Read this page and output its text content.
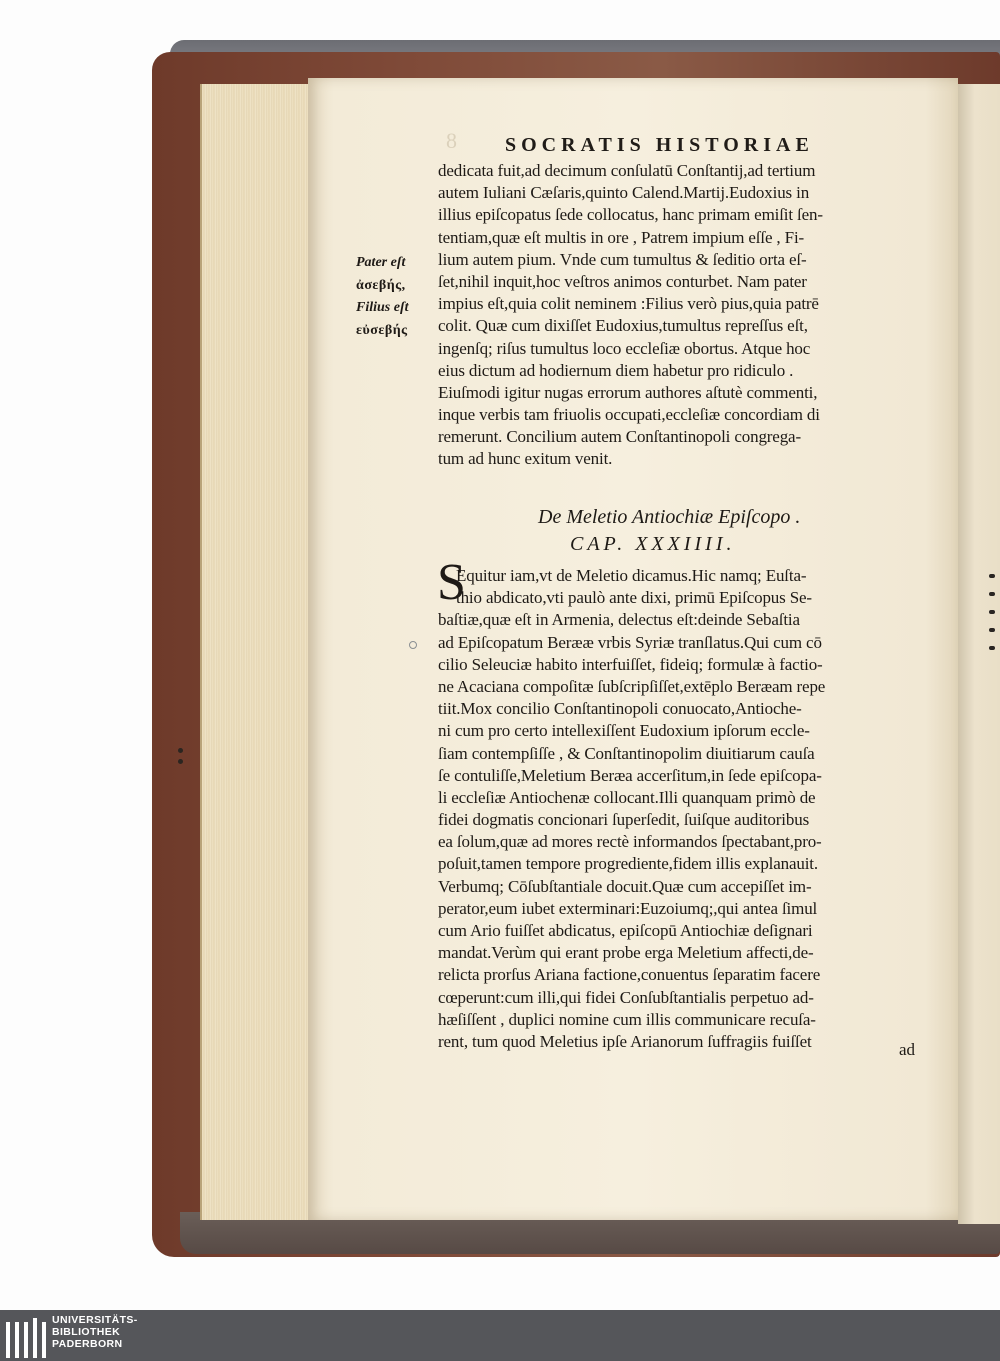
8 SOCRATIS HISTORIAE
dedicata fuit,ad decimum conſulatū Conſtantij,ad tertium
autem Iuliani Cæſaris,quinto Calend.Martij.Eudoxius in
illius epiſcopatus ſede collocatus, hanc primam emiſit ſen-
tentiam,quæ eſt multis in ore , Patrem impium eſſe , Fi-
lium autem pium. Vnde cum tumultus & ſeditio orta eſ-
ſet,nihil inquit,hoc veſtros animos conturbet. Nam pater
impius eſt,quia colit neminem :Filius verò pius,quia patrē
colit. Quæ cum dixiſſet Eudoxius,tumultus repreſſus eſt,
ingenſq; riſus tumultus loco eccleſiæ obortus. Atque hoc
eius dictum ad hodiernum diem habetur pro ridiculo .
Eiuſmodi igitur nugas errorum authores aſtutè commenti,
inque verbis tam friuolis occupati,eccleſiæ concordiam di
remerunt. Concilium autem Conſtantinopoli congrega-
tum ad hunc exitum venit.
Pater eſt
ἀσεβής,
Filius eſt
εὐσεβής
De Meletio Antiochiæ Epiſcopo .
CAP. XXXIIII.
S
Equitur iam,vt de Meletio dicamus.Hic namq; Euſta-
thio abdicato,vti paulò ante dixi, primū Epiſcopus Se-
baſtiæ,quæ eſt in Armenia, delectus eſt:deinde Sebaſtia
ad Epiſcopatum Berææ vrbis Syriæ tranſlatus.Qui cum cō
cilio Seleuciæ habito interfuiſſet, fideiq; formulæ à factio-
ne Acaciana compoſitæ ſubſcripſiſſet,extēplo Beræam repe
tiit.Mox concilio Conſtantinopoli conuocato,Antioche-
ni cum pro certo intellexiſſent Eudoxium ipſorum eccle-
ſiam contempſiſſe , & Conſtantinopolim diuitiarum cauſa
ſe contuliſſe,Meletium Beræa accerſitum,in ſede epiſcopa-
li eccleſiæ Antiochenæ collocant.Illi quanquam primò de
fidei dogmatis concionari ſuperſedit, ſuiſque auditoribus
ea ſolum,quæ ad mores rectè informandos ſpectabant,pro-
poſuit,tamen tempore progrediente,fidem illis explanauit.
Verbumq; Cōſubſtantiale docuit.Quæ cum accepiſſet im-
perator,eum iubet exterminari:Euzoiumq;,qui antea ſimul
cum Ario fuiſſet abdicatus, epiſcopū Antiochiæ deſignari
mandat.Verùm qui erant probe erga Meletium affecti,de-
relicta prorſus Ariana factione,conuentus ſeparatim facere
cœperunt:cum illi,qui fidei Conſubſtantialis perpetuo ad-
hæſiſſent , duplici nomine cum illis communicare recuſa-
rent, tum quod Meletius ipſe Arianorum ſuffragiis fuiſſet	ad
UNIVERSITÄTS-
BIBLIOTHEK
PADERBORN
